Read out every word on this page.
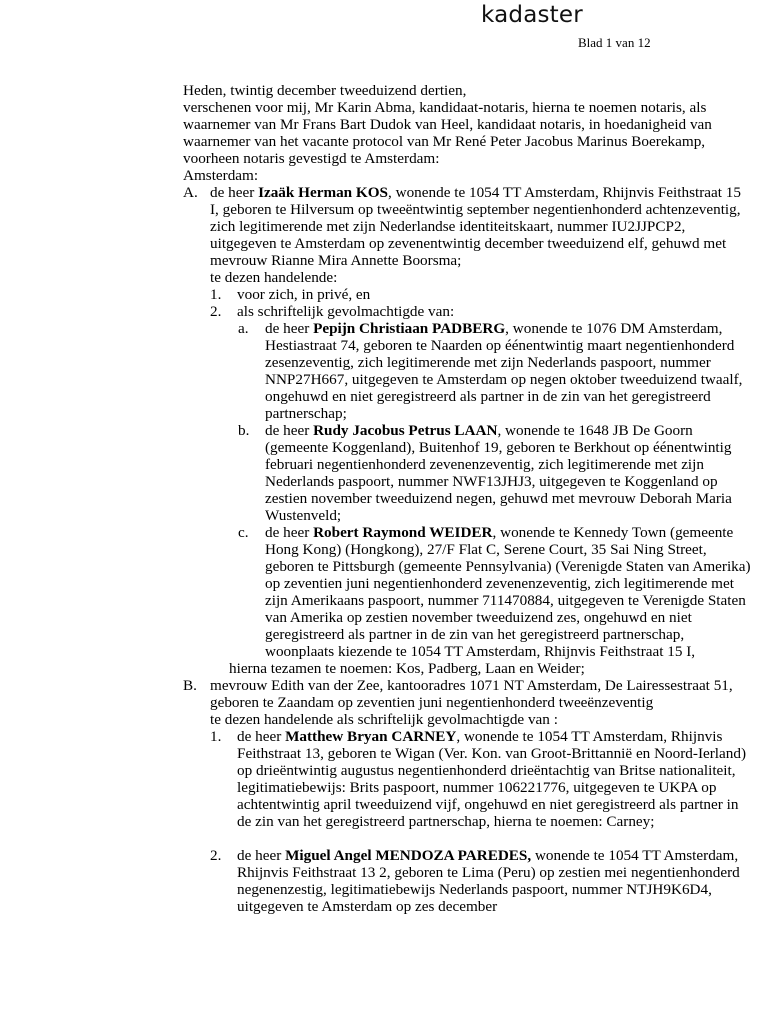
kadaster
Blad 1 van 12

Heden, twintig december tweeduizend dertien,

verschenen voor mij, Mr Karin Abma, kandidaat-notaris, hierna te noemen notaris, als waarnemer van Mr Frans Bart Dudok van Heel, kandidaat notaris, in hoedanigheid van waarnemer van het vacante protocol van Mr René Peter Jacobus Marinus Boerekamp, voorheen notaris gevestigd te Amsterdam:

Amsterdam:

A. de heer Izaäk Herman KOS, wonende te 1054 TT Amsterdam, Rhijnvis Feithstraat 15 I, geboren te Hilversum op tweeëntwintig september negentienhonderd achtenzeventig, zich legitimerende met zijn Nederlandse identiteitskaart, nummer IU2JJPCP2, uitgegeven te Amsterdam op zevenentwintig december tweeduizend elf, gehuwd met mevrouw Rianne Mira Annette Boorsma;
te dezen handelende:
1. voor zich, in privé, en
2. als schriftelijk gevolmachtigde van:
a. de heer Pepijn Christiaan PADBERG, wonende te 1076 DM Amsterdam, Hestiastraat 74, geboren te Naarden op éénentwintig maart negentienhonderd zesenzeventig, zich legitimerende met zijn Nederlands paspoort, nummer NNP27H667, uitgegeven te Amsterdam op negen oktober tweeduizend twaalf, ongehuwd en niet geregistreerd als partner in de zin van het geregistreerd partnerschap;
b. de heer Rudy Jacobus Petrus LAAN, wonende te 1648 JB De Goorn (gemeente Koggenland), Buitenhof 19, geboren te Berkhout op éénentwintig februari negentienhonderd zevenenzeventig, zich legitimerende met zijn Nederlands paspoort, nummer NWF13JHJ3, uitgegeven te Koggenland op zestien november tweeduizend negen, gehuwd met mevrouw Deborah Maria Wustenveld;
c. de heer Robert Raymond WEIDER, wonende te Kennedy Town (gemeente Hong Kong) (Hongkong), 27/F Flat C, Serene Court, 35 Sai Ning Street, geboren te Pittsburgh (gemeente Pennsylvania) (Verenigde Staten van Amerika) op zeventien juni negentienhonderd zevenenzeventig, zich legitimerende met zijn Amerikaans paspoort, nummer 711470884, uitgegeven te Verenigde Staten van Amerika op zestien november tweeduizend zes, ongehuwd en niet geregistreerd als partner in de zin van het geregistreerd partnerschap, woonplaats kiezende te 1054 TT Amsterdam, Rhijnvis Feithstraat 15 I,
hierna tezamen te noemen: Kos, Padberg, Laan en Weider;
B. mevrouw Edith van der Zee, kantooradres 1071 NT Amsterdam, De Lairessestraat 51, geboren te Zaandam op zeventien juni negentienhonderd tweeënzeventig
te dezen handelende als schriftelijk gevolmachtigde van :
1. de heer Matthew Bryan CARNEY, wonende te 1054 TT Amsterdam, Rhijnvis Feithstraat 13, geboren te Wigan (Ver. Kon. van Groot-Brittannië en Noord-Ierland) op drieëntwintig augustus negentienhonderd drieëntachtig van Britse nationaliteit, legitimatiebewijs: Brits paspoort, nummer 106221776, uitgegeven te UKPA op achtentwintig april tweeduizend vijf, ongehuwd en niet geregistreerd als partner in de zin van het geregistreerd partnerschap, hierna te noemen: Carney;
2. de heer Miguel Angel MENDOZA PAREDES, wonende te 1054 TT Amsterdam, Rhijnvis Feithstraat 13 2, geboren te Lima (Peru) op zestien mei negentienhonderd negenenzestig, legitimatiebewijs Nederlands paspoort, nummer NTJH9K6D4, uitgegeven te Amsterdam op zes december
